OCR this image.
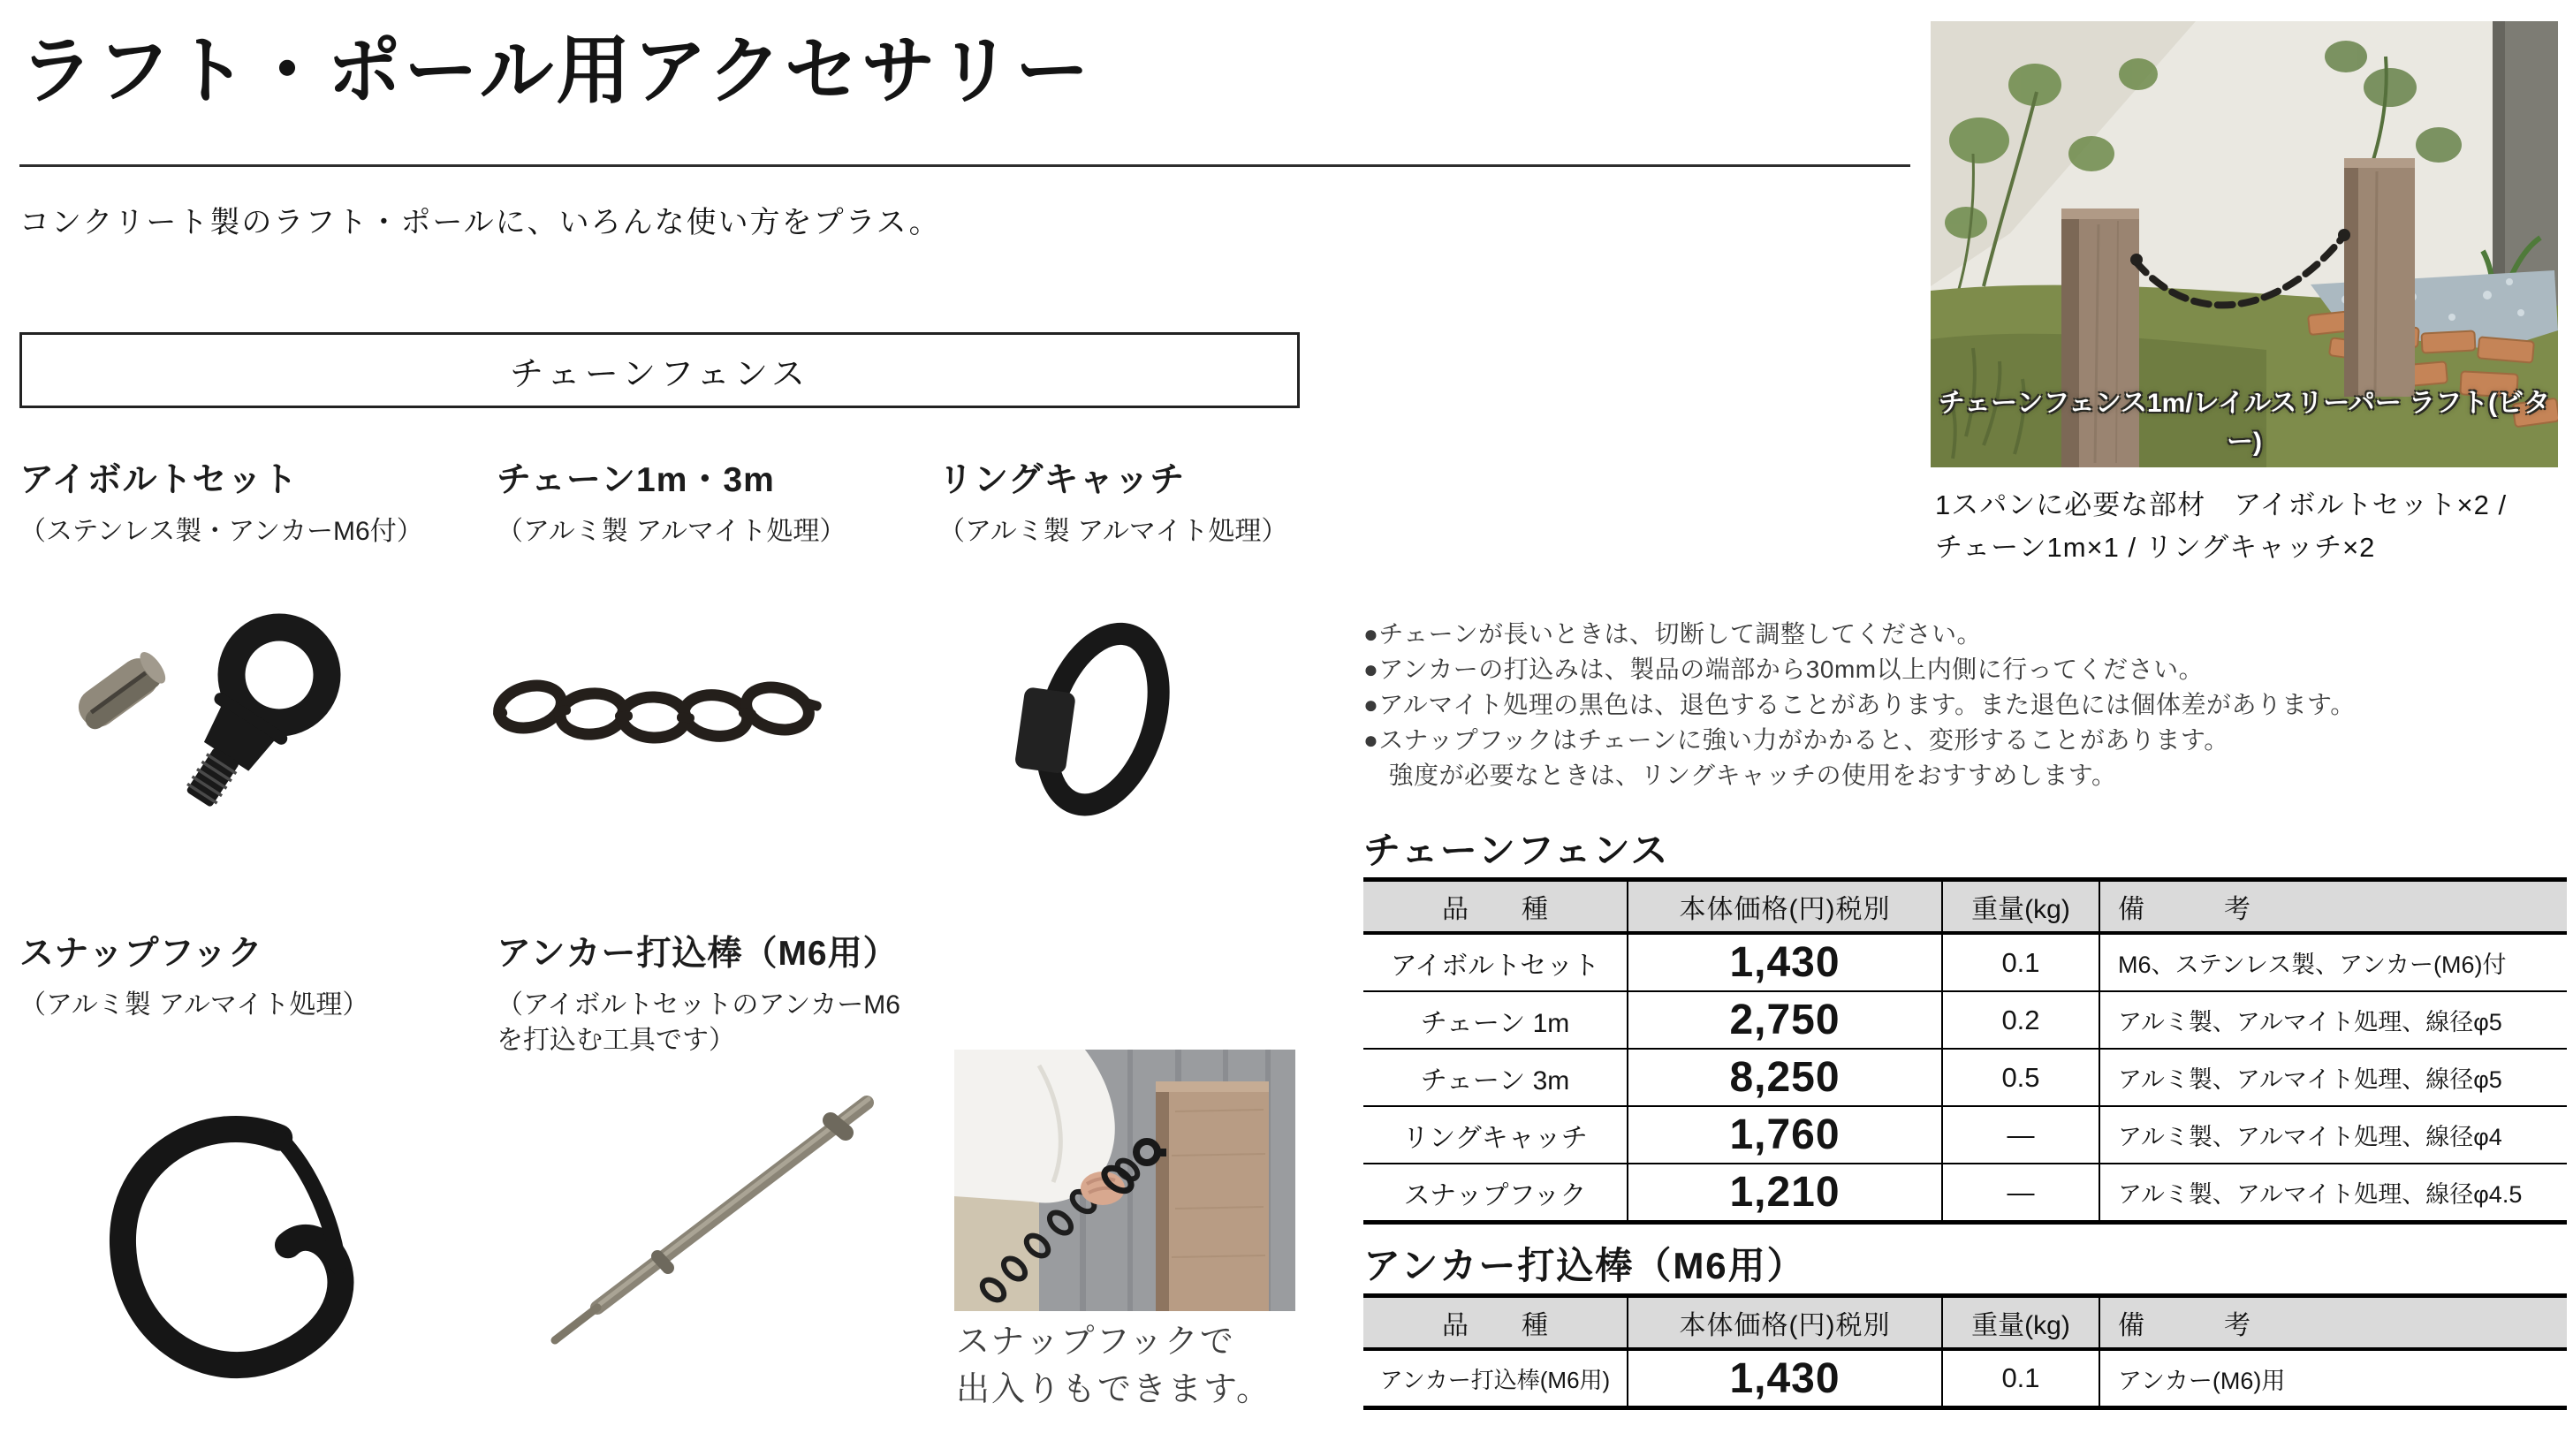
ラフト・ポール用アクセサリー

コンクリート製のラフト・ポールに、いろんな使い方をプラス。

チェーンフェンス
アイボルトセット

（ステンレス製・アンカーM6付）

チェーン1m・3m

（アルミ製 アルマイト処理）

リングキャッチ

（アルミ製 アルマイト処理）

スナップフック

（アルミ製 アルマイト処理）

アンカー打込棒（M6用）

（アイボルトセットのアンカーM6を打込む工具です）

スナップフックで
出入りもできます。
チェーンフェンス1m/レイルスリーパー ラフト(ビター)
1スパンに必要な部材　アイボルトセット×2 /
チェーン1m×1 / リングキャッチ×2
●チェーンが長いときは、切断して調整してください。
●アンカーの打込みは、製品の端部から30mm以上内側に行ってください。
●アルマイト処理の黒色は、退色することがあります。また退色には個体差があります。
●スナップフックはチェーンに強い力がかかると、変形することがあります。
　強度が必要なときは、リングキャッチの使用をおすすめします。
チェーンフェンス
品　　種	本体価格(円)税別	重量(kg)	備　　　考
アイボルトセット	1,430	0.1	M6、ステンレス製、アンカー(M6)付
チェーン 1m	2,750	0.2	アルミ製、アルマイト処理、線径φ5
チェーン 3m	8,250	0.5	アルミ製、アルマイト処理、線径φ5
リングキャッチ	1,760	―	アルミ製、アルマイト処理、線径φ4
スナップフック	1,210	―	アルミ製、アルマイト処理、線径φ4.5
アンカー打込棒（M6用）
品　　種	本体価格(円)税別	重量(kg)	備　　　考
アンカー打込棒(M6用)	1,430	0.1	アンカー(M6)用
